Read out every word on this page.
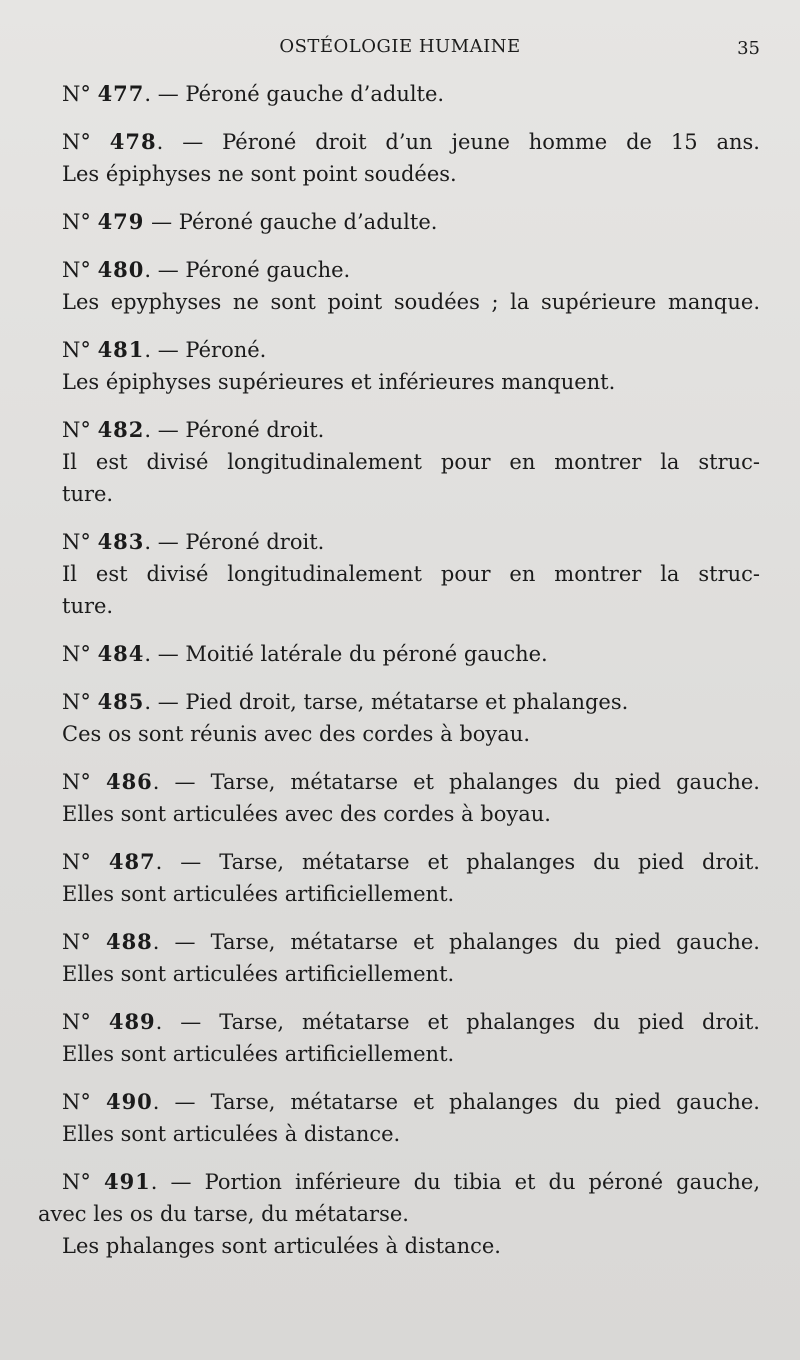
OSTÉOLOGIE HUMAINE	35
N° 477. — Péroné gauche d’adulte.
N° 478. — Péroné droit d’un jeune homme de 15 ans.
Les épiphyses ne sont point soudées.
N° 479 — Péroné gauche d’adulte.
N° 480. — Péroné gauche.
Les epyphyses ne sont point soudées ; la supérieure manque.
N° 481. — Péroné.
Les épiphyses supérieures et inférieures manquent.
N° 482. — Péroné droit.
Il est divisé longitudinalement pour en montrer la struc-
ture.
N° 483. — Péroné droit.
Il est divisé longitudinalement pour en montrer la struc-
ture.
N° 484. — Moitié latérale du péroné gauche.
N° 485. — Pied droit, tarse, métatarse et phalanges.
Ces os sont réunis avec des cordes à boyau.
N° 486. — Tarse, métatarse et phalanges du pied gauche.
Elles sont articulées avec des cordes à boyau.
N° 487. — Tarse, métatarse et phalanges du pied droit.
Elles sont articulées artificiellement.
N° 488. — Tarse, métatarse et phalanges du pied gauche.
Elles sont articulées artificiellement.
N° 489. — Tarse, métatarse et phalanges du pied droit.
Elles sont articulées artificiellement.
N° 490. — Tarse, métatarse et phalanges du pied gauche.
Elles sont articulées à distance.
N° 491. — Portion inférieure du tibia et du péroné gauche,
avec les os du tarse, du métatarse.
Les phalanges sont articulées à distance.
